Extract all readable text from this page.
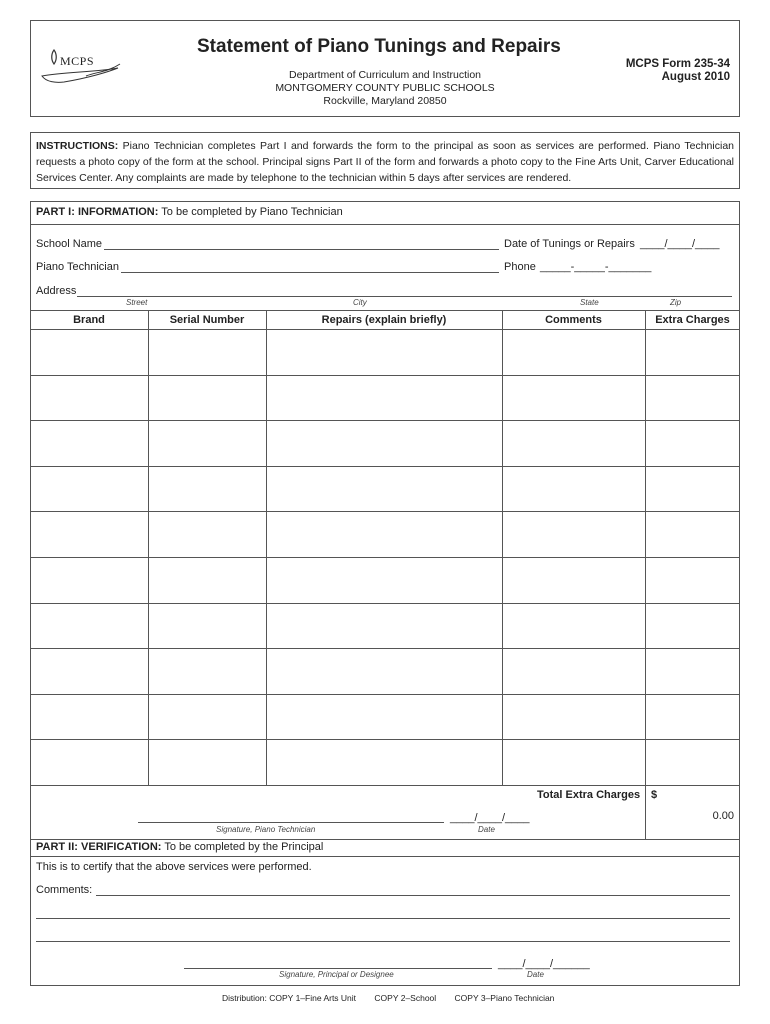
MCPS
Statement of Piano Tunings and Repairs
Department of Curriculum and Instruction
MONTGOMERY COUNTY PUBLIC SCHOOLS
Rockville, Maryland 20850
MCPS Form 235-34
August 2010
INSTRUCTIONS: Piano Technician completes Part I and forwards the form to the principal as soon as services are performed. Piano Technician requests a photo copy of the form at the school. Principal signs Part II of the form and forwards a photo copy to the Fine Arts Unit, Carver Educational Services Center. Any complaints are made by telephone to the technician within 5 days after services are rendered.
PART I: INFORMATION: To be completed by Piano Technician
School Name	Date of Tunings or Repairs ____/____/____
Piano Technician	Phone _____-_____-_______
Address
Street	City	State	Zip
Brand	Serial Number	Repairs (explain briefly)	Comments	Extra Charges
Total Extra Charges $
0.00
Signature, Piano Technician
____/____/____
Date
PART II: VERIFICATION: To be completed by the Principal
This is to certify that the above services were performed.
Comments:
Signature, Principal or Designee
____/____/______
Date
Distribution: COPY 1–Fine Arts Unit COPY 2–School COPY 3–Piano Technician
